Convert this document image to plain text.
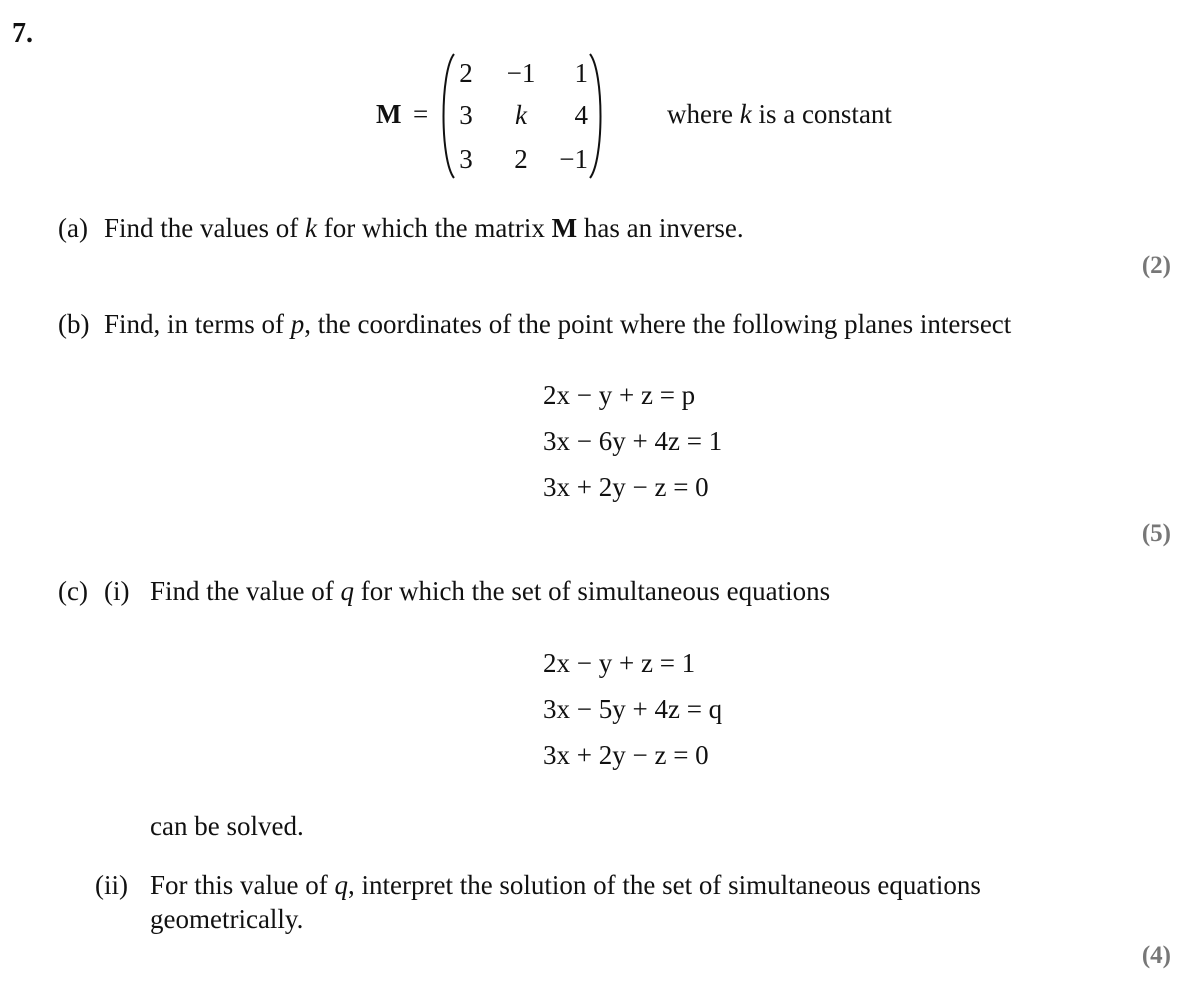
7.
M =
2	−1	1
3	k	4
3	2	−1
where k is a constant
(a) Find the values of k for which the matrix M has an inverse.
(2)
(b) Find, in terms of p, the coordinates of the point where the following planes intersect
2x − y + z = p
3x − 6y + 4z = 1
3x + 2y − z = 0
(5)
(c) (i) Find the value of q for which the set of simultaneous equations
2x − y + z = 1
3x − 5y + 4z = q
3x + 2y − z = 0
can be solved.
(ii) For this value of q, interpret the solution of the set of simultaneous equations
geometrically.
(4)
